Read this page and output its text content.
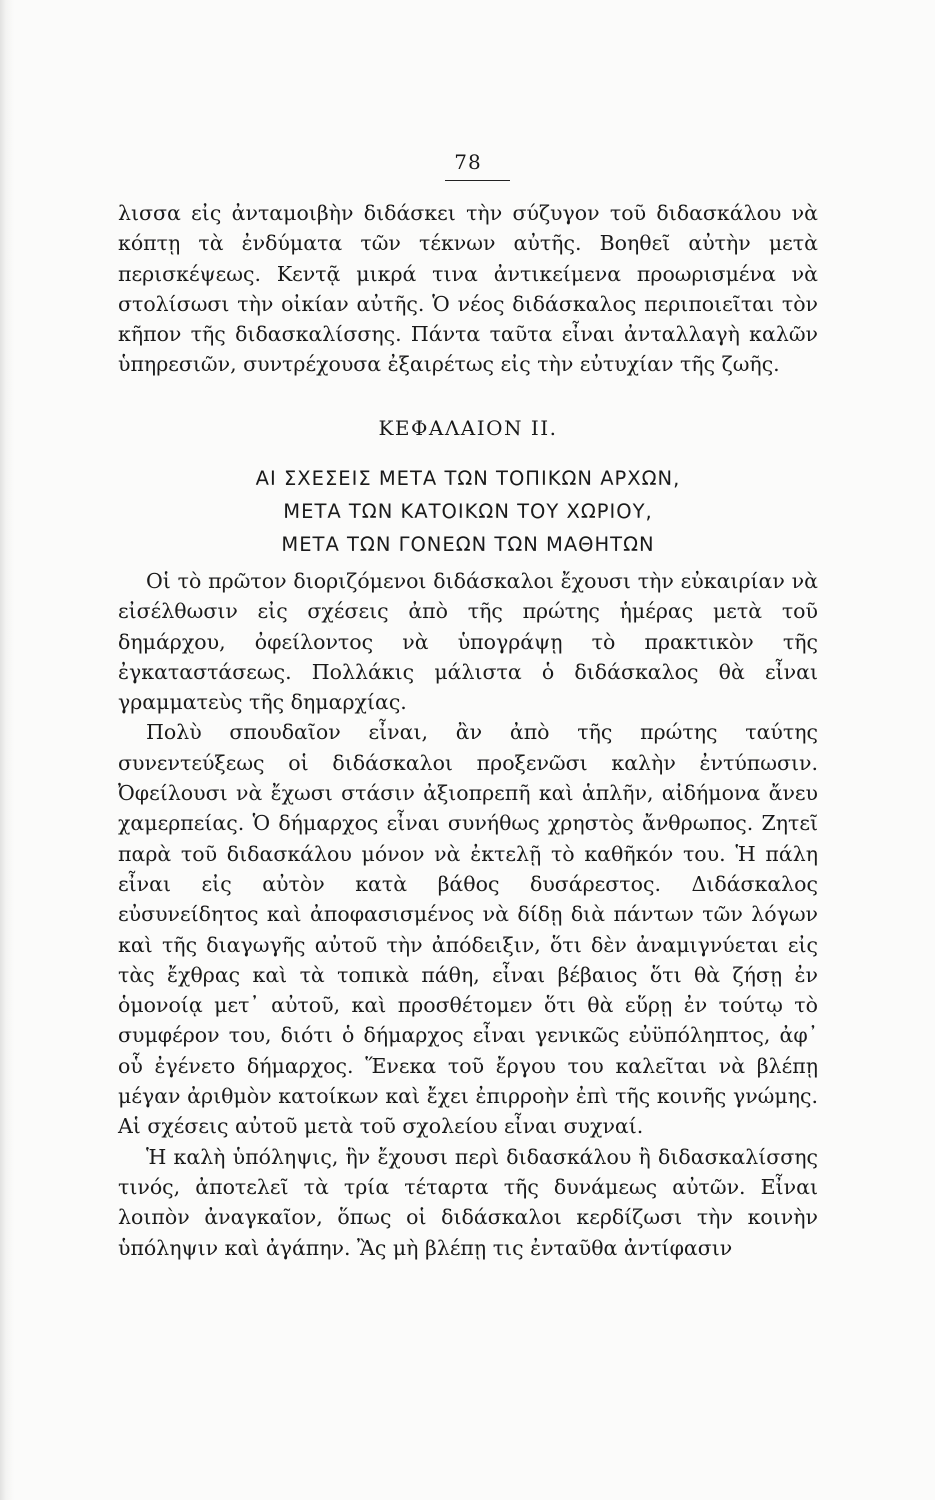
78

λισσα εἰς ἀνταμοιβὴν διδάσκει τὴν σύζυγον τοῦ διδασκάλου νὰ κόπτῃ τὰ ἐνδύματα τῶν τέκνων αὐτῆς. Βοηθεῖ αὐτὴν μετὰ περισκέψεως. Κεντᾷ μικρά τινα ἀντικείμενα προωρισμένα νὰ στολίσωσι τὴν οἰκίαν αὐτῆς. Ὁ νέος διδάσκαλος περιποιεῖται τὸν κῆπον τῆς διδασκαλίσσης. Πάντα ταῦτα εἶναι ἀνταλλαγὴ καλῶν ὑπηρεσιῶν, συντρέχουσα ἐξαιρέτως εἰς τὴν εὐτυχίαν τῆς ζωῆς.

ΚΕΦΑΛΑΙΟΝ ΙΙ.
ΑΙ ΣΧΕΣΕΙΣ ΜΕΤΑ ΤΩΝ ΤΟΠΙΚΩΝ ΑΡΧΩΝ,
ΜΕΤΑ ΤΩΝ ΚΑΤΟΙΚΩΝ ΤΟΥ ΧΩΡΙΟΥ,
ΜΕΤΑ ΤΩΝ ΓΟΝΕΩΝ ΤΩΝ ΜΑΘΗΤΩΝ

Οἱ τὸ πρῶτον διοριζόμενοι διδάσκαλοι ἔχουσι τὴν εὐκαιρίαν νὰ εἰσέλθωσιν εἰς σχέσεις ἀπὸ τῆς πρώτης ἡμέρας μετὰ τοῦ δημάρχου, ὀφείλοντος νὰ ὑπογράψῃ τὸ πρακτικὸν τῆς ἐγκαταστάσεως. Πολλάκις μάλιστα ὁ διδάσκαλος θὰ εἶναι γραμματεὺς τῆς δημαρχίας.

Πολὺ σπουδαῖον εἶναι, ἂν ἀπὸ τῆς πρώτης ταύτης συνεντεύξεως οἱ διδάσκαλοι προξενῶσι καλὴν ἐντύπωσιν. Ὀφείλουσι νὰ ἔχωσι στάσιν ἀξιοπρεπῆ καὶ ἁπλῆν, αἰδήμονα ἄνευ χαμερπείας. Ὁ δήμαρχος εἶναι συνήθως χρηστὸς ἄνθρωπος. Ζητεῖ παρὰ τοῦ διδασκάλου μόνον νὰ ἐκτελῇ τὸ καθῆκόν του. Ἡ πάλη εἶναι εἰς αὐτὸν κατὰ βάθος δυσάρεστος. Διδάσκαλος εὐσυνείδητος καὶ ἀποφασισμένος νὰ δίδῃ διὰ πάντων τῶν λόγων καὶ τῆς διαγωγῆς αὐτοῦ τὴν ἀπόδειξιν, ὅτι δὲν ἀναμιγνύεται εἰς τὰς ἔχθρας καὶ τὰ τοπικὰ πάθη, εἶναι βέβαιος ὅτι θὰ ζήσῃ ἐν ὁμονοίᾳ μετ᾽ αὐτοῦ, καὶ προσθέτομεν ὅτι θὰ εὕρῃ ἐν τούτῳ τὸ συμφέρον του, διότι ὁ δήμαρχος εἶναι γενικῶς εὐϋπόληπτος, ἀφ᾽ οὗ ἐγένετο δήμαρχος. Ἕνεκα τοῦ ἔργου του καλεῖται νὰ βλέπῃ μέγαν ἀριθμὸν κατοίκων καὶ ἔχει ἐπιρροὴν ἐπὶ τῆς κοινῆς γνώμης. Αἱ σχέσεις αὐτοῦ μετὰ τοῦ σχολείου εἶναι συχναί.

Ἡ καλὴ ὑπόληψις, ἣν ἔχουσι περὶ διδασκάλου ἢ διδασκαλίσσης τινός, ἀποτελεῖ τὰ τρία τέταρτα τῆς δυνάμεως αὐτῶν. Εἶναι λοιπὸν ἀναγκαῖον, ὅπως οἱ διδάσκαλοι κερδίζωσι τὴν κοινὴν ὑπόληψιν καὶ ἀγάπην. Ἂς μὴ βλέπῃ τις ἐνταῦθα ἀντίφασιν
